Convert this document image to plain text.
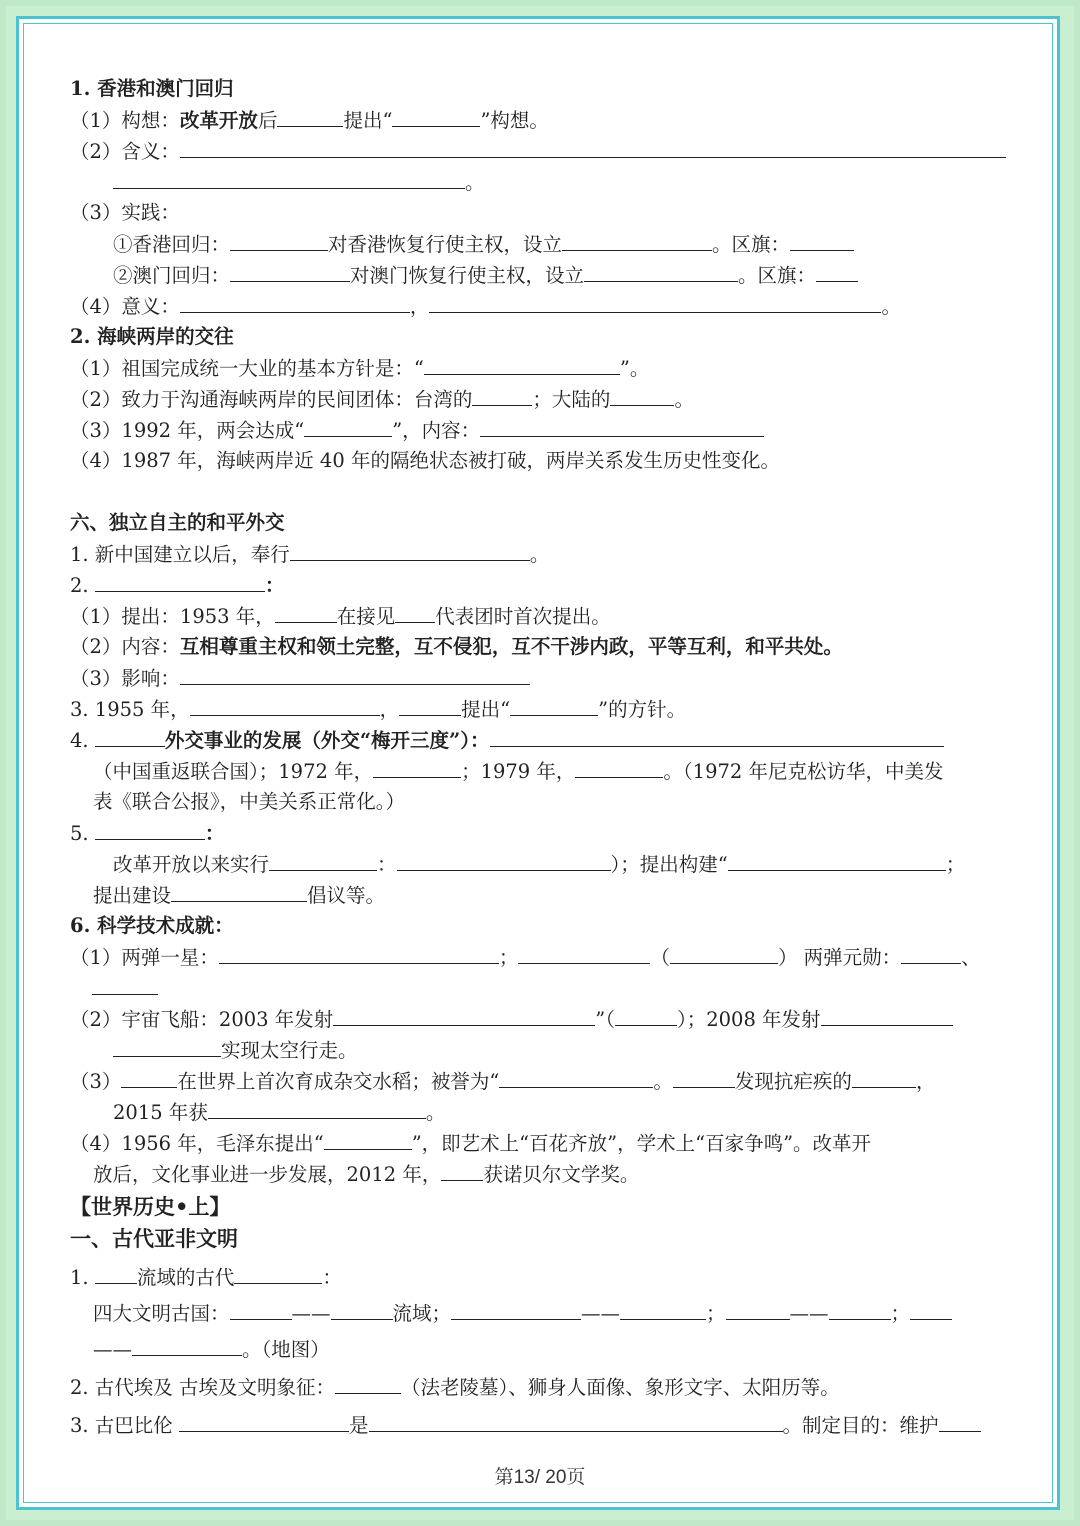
1. 香港和澳门回归
（1）构想：改革开放后	提出“	”构想。
（2）含义：
。
（3）实践：
①香港回归：	对香港恢复行使主权，设立	。区旗：
②澳门回归：	对澳门恢复行使主权，设立	。区旗：
（4）意义：	，	。
2. 海峡两岸的交往
（1）祖国完成统一大业的基本方针是：“	”。
（2）致力于沟通海峡两岸的民间团体：台湾的	；大陆的	。
（3）1992 年，两会达成“	”，内容：
（4）1987 年，海峡两岸近 40 年的隔绝状态被打破，两岸关系发生历史性变化。
六、独立自主的和平外交
1. 新中国建立以后，奉行	。
2.	：
（1）提出：1953 年，	在接见 代表团时首次提出。
（2）内容：互相尊重主权和领土完整，互不侵犯，互不干涉内政，平等互利，和平共处。
（3）影响：
3. 1955 年，	，	提出“	”的方针。
4.	外交事业的发展（外交“梅开三度”）：
（中国重返联合国）；1972 年，	；1979 年，	。（1972 年尼克松访华，中美发
表《联合公报》，中美关系正常化。）
5.	：
改革开放以来实行	：	）；提出构建“	；
提出建设	倡议等。
6. 科学技术成就：
（1）两弹一星：	；	（	） 两弹元勋：	、
（2）宇宙飞船：2003 年发射	”（	）；2008 年发射
实现太空行走。
（3）	在世界上首次育成杂交水稻；被誉为“	。	发现抗疟疾的	，
2015 年获	。
（4）1956 年，毛泽东提出“	”，即艺术上“百花齐放”，学术上“百家争鸣”。改革开
放后，文化事业进一步发展，2012 年， 获诺贝尔文学奖。
【世界历史•上】
一、古代亚非文明
1. 流域的古代	：
四大文明古国：	——	流域；	——	；	——	；
——	。（地图）
2. 古代埃及 古埃及文明象征：	（法老陵墓）、狮身人面像、象形文字、太阳历等。
3. 古巴比伦	是	。制定目的：维护
第13/ 20页
